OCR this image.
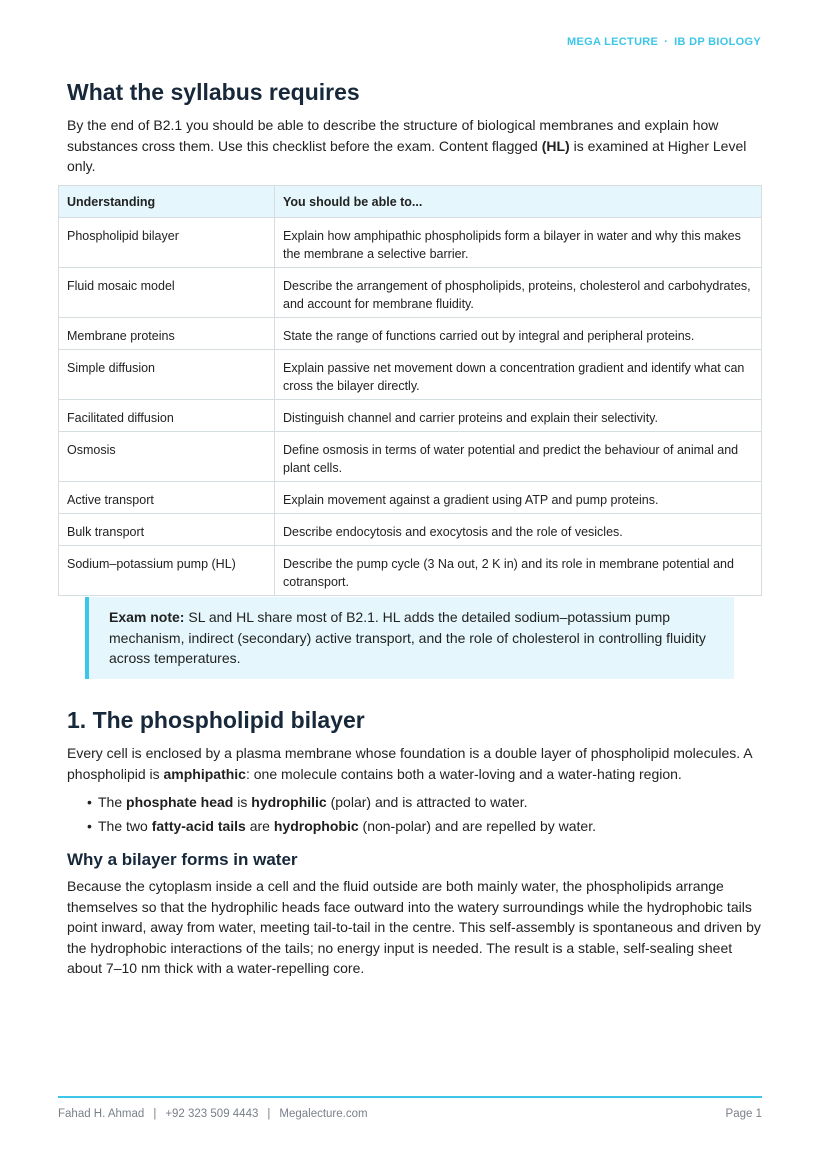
MEGA LECTURE · IB DP BIOLOGY
What the syllabus requires

By the end of B2.1 you should be able to describe the structure of biological membranes and explain how substances cross them. Use this checklist before the exam. Content flagged (HL) is examined at Higher Level only.

Understanding	You should be able to...
Phospholipid bilayer	Explain how amphipathic phospholipids form a bilayer in water and why this makes the membrane a selective barrier.
Fluid mosaic model	Describe the arrangement of phospholipids, proteins, cholesterol and carbohydrates, and account for membrane fluidity.
Membrane proteins	State the range of functions carried out by integral and peripheral proteins.
Simple diffusion	Explain passive net movement down a concentration gradient and identify what can cross the bilayer directly.
Facilitated diffusion	Distinguish channel and carrier proteins and explain their selectivity.
Osmosis	Define osmosis in terms of water potential and predict the behaviour of animal and plant cells.
Active transport	Explain movement against a gradient using ATP and pump proteins.
Bulk transport	Describe endocytosis and exocytosis and the role of vesicles.
Sodium–potassium pump (HL)	Describe the pump cycle (3 Na out, 2 K in) and its role in membrane potential and cotransport.
Exam note: SL and HL share most of B2.1. HL adds the detailed sodium–potassium pump mechanism, indirect (secondary) active transport, and the role of cholesterol in controlling fluidity across temperatures.
1. The phospholipid bilayer

Every cell is enclosed by a plasma membrane whose foundation is a double layer of phospholipid molecules. A phospholipid is amphipathic: one molecule contains both a water-loving and a water-hating region.

• The phosphate head is hydrophilic (polar) and is attracted to water.
• The two fatty-acid tails are hydrophobic (non-polar) and are repelled by water.
Why a bilayer forms in water

Because the cytoplasm inside a cell and the fluid outside are both mainly water, the phospholipids arrange themselves so that the hydrophilic heads face outward into the watery surroundings while the hydrophobic tails point inward, away from water, meeting tail-to-tail in the centre. This self-assembly is spontaneous and driven by the hydrophobic interactions of the tails; no energy input is needed. The result is a stable, self-sealing sheet about 7–10 nm thick with a water-repelling core.

Fahad H. Ahmad | +92 323 509 4443 | Megalecture.com	Page 1
